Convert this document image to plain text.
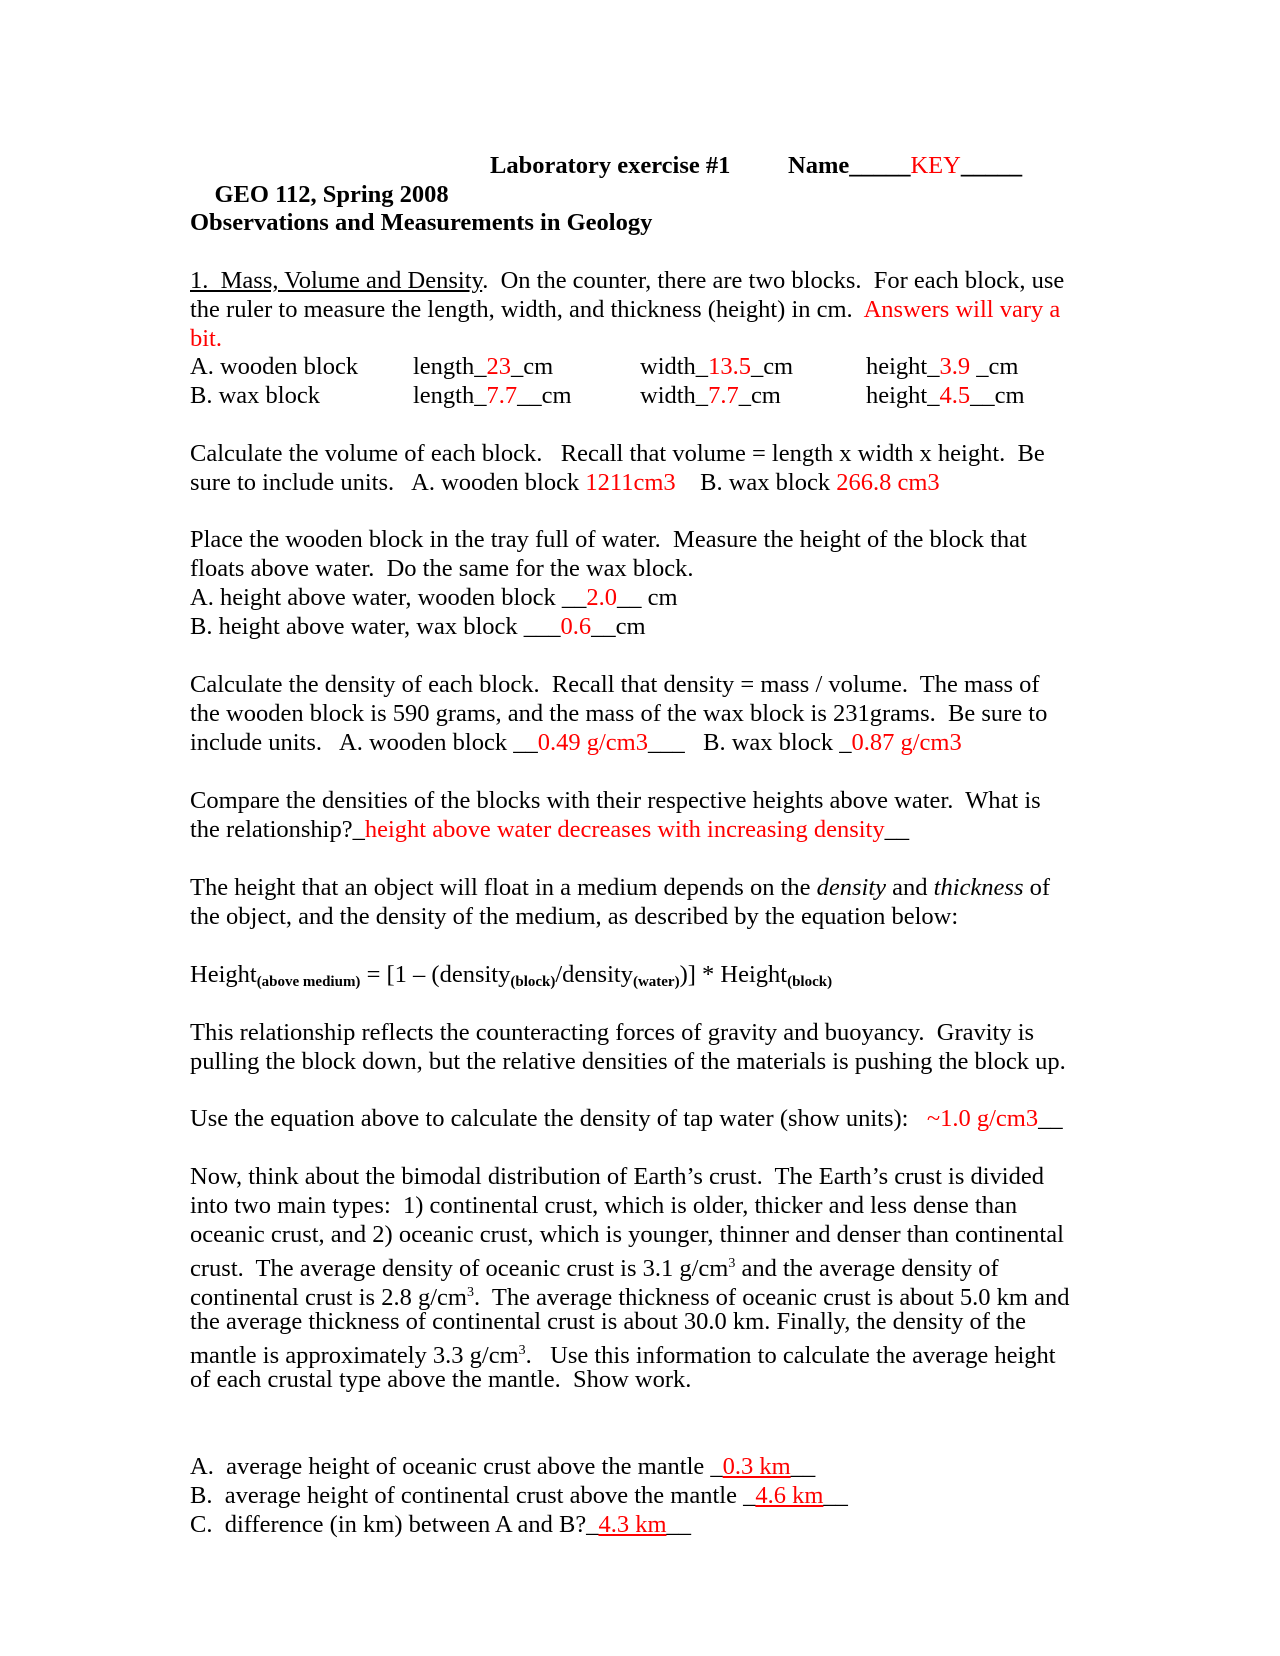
GEO 112, Spring 2008

Laboratory exercise #1 Name_____KEY_____
Observations and Measurements in Geology
1.  Mass, Volume and Density.  On the counter, there are two blocks.  For each block, use
the ruler to measure the length, width, and thickness (height) in cm.  Answers will vary a
bit.
A. wooden block length_23_cm	width_13.5_cm	height_3.9 _cm
B. wax block	length_7.7__cm	width_7.7_cm	height_4.5__cm
Calculate the volume of each block.   Recall that volume = length x width x height.  Be
sure to include units.   A. wooden block 1211cm3    B. wax block 266.8 cm3
Place the wooden block in the tray full of water.  Measure the height of the block that
floats above water.  Do the same for the wax block.
A. height above water, wooden block __2.0__ cm
B. height above water, wax block ___0.6__cm
Calculate the density of each block.  Recall that density = mass / volume.  The mass of
the wooden block is 590 grams, and the mass of the wax block is 231grams.  Be sure to
include units.   A. wooden block __0.49 g/cm3___   B. wax block _0.87 g/cm3
Compare the densities of the blocks with their respective heights above water.  What is
the relationship?_height above water decreases with increasing density__
The height that an object will float in a medium depends on the density and thickness of
the object, and the density of the medium, as described by the equation below:
Height$_{(above medium)}$ = [1 – (density$_{(block)}$/density$_{(water)}$)] * Height$_{(block)}$
This relationship reflects the counteracting forces of gravity and buoyancy.  Gravity is
pulling the block down, but the relative densities of the materials is pushing the block up.
Use the equation above to calculate the density of tap water (show units):   ~1.0 g/cm3__
Now, think about the bimodal distribution of Earth’s crust.  The Earth’s crust is divided
into two main types:  1) continental crust, which is older, thicker and less dense than
oceanic crust, and 2) oceanic crust, which is younger, thinner and denser than continental
crust.  The average density of oceanic crust is 3.1 $g/cm^3$ and the average density of
continental crust is 2.8 $g/cm^3$.  The average thickness of oceanic crust is about 5.0 km and
the average thickness of continental crust is about 30.0 km. Finally, the density of the
mantle is approximately 3.3 $g/cm^3$.   Use this information to calculate the average height
of each crustal type above the mantle.  Show work.
A.  average height of oceanic crust above the mantle _0.3 km__
B.  average height of continental crust above the mantle _4.6 km__
C.  difference (in km) between A and B?_4.3 km__
